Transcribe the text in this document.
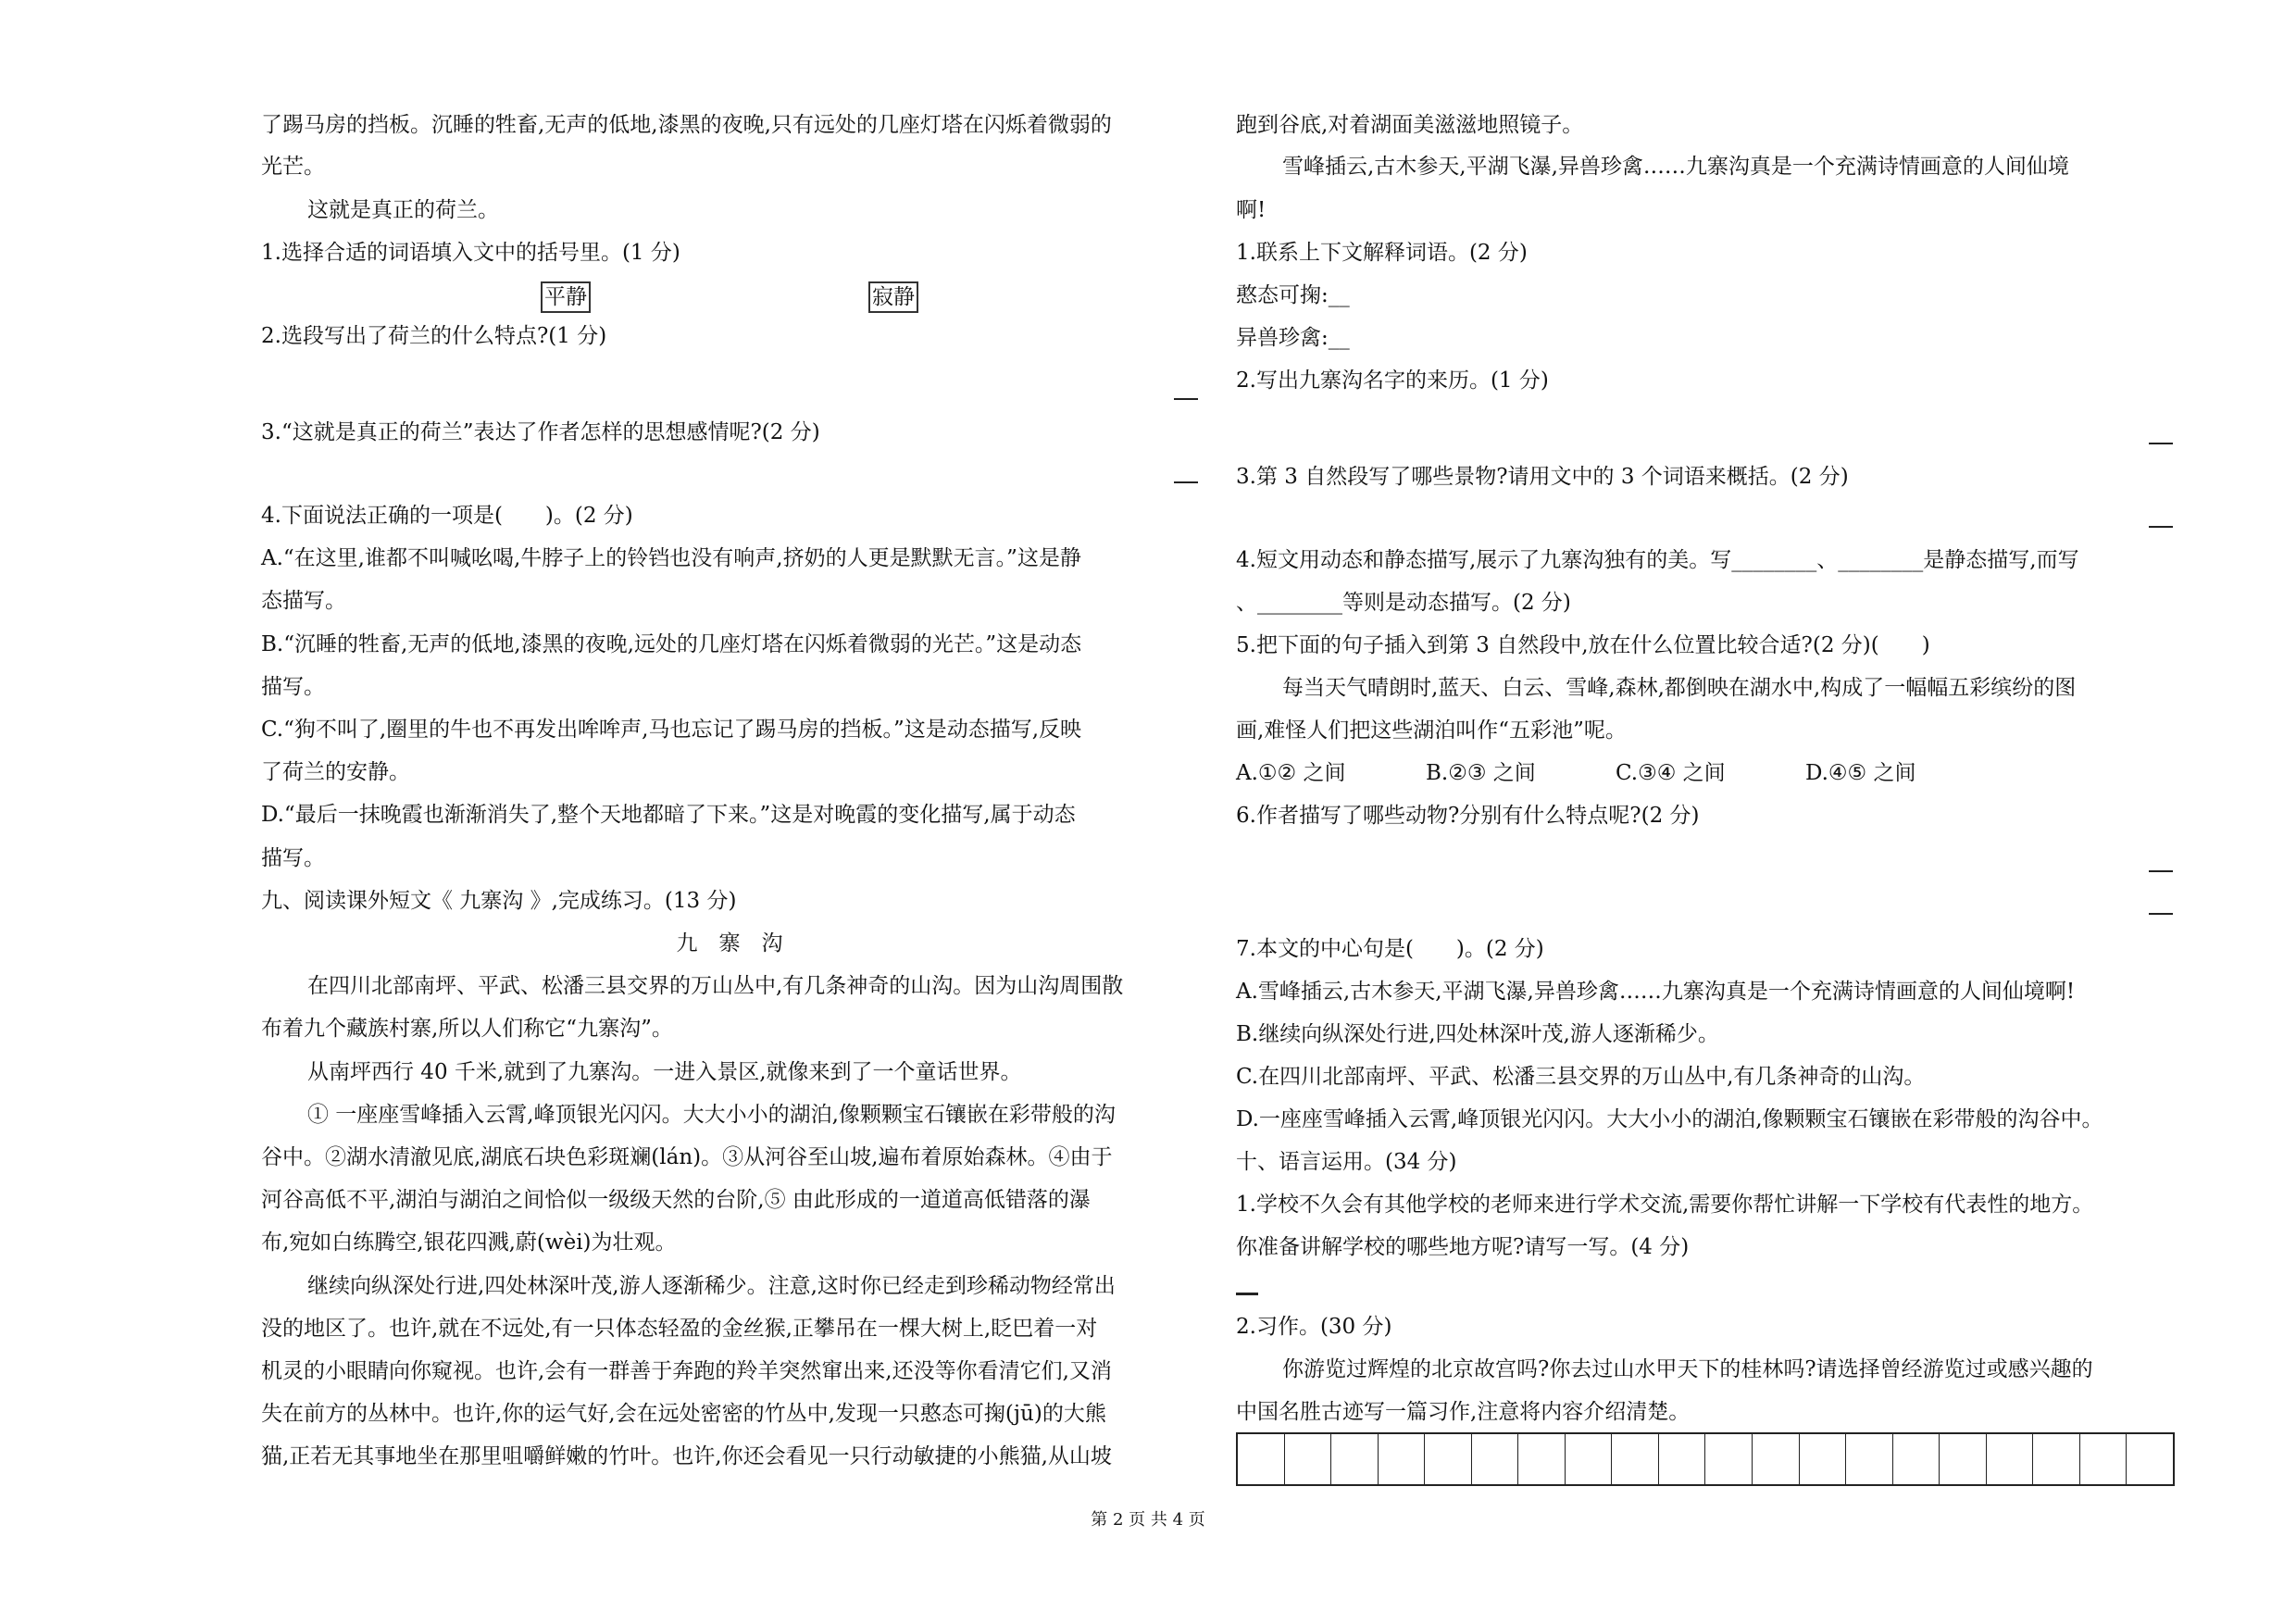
了踢马房的挡板。沉睡的牲畜,无声的低地,漆黑的夜晚,只有远处的几座灯塔在闪烁着微弱的
光芒。
这就是真正的荷兰。
1.选择合适的词语填入文中的括号里。(1 分)
平静	寂静
2.选段写出了荷兰的什么特点?(1 分)
3.“这就是真正的荷兰”表达了作者怎样的思想感情呢?(2 分)
4.下面说法正确的一项是(　　)。(2 分)
A.“在这里,谁都不叫喊吆喝,牛脖子上的铃铛也没有响声,挤奶的人更是默默无言。”这是静
态描写。
B.“沉睡的牲畜,无声的低地,漆黑的夜晚,远处的几座灯塔在闪烁着微弱的光芒。”这是动态
描写。
C.“狗不叫了,圈里的牛也不再发出哞哞声,马也忘记了踢马房的挡板。”这是动态描写,反映
了荷兰的安静。
D.“最后一抹晚霞也渐渐消失了,整个天地都暗了下来。”这是对晚霞的变化描写,属于动态
描写。
九、阅读课外短文《 九寨沟 》,完成练习。(13 分)
九　寨　沟
在四川北部南坪、平武、松潘三县交界的万山丛中,有几条神奇的山沟。因为山沟周围散
布着九个藏族村寨,所以人们称它“九寨沟”。
从南坪西行 40 千米,就到了九寨沟。一进入景区,就像来到了一个童话世界。
① 一座座雪峰插入云霄,峰顶银光闪闪。大大小小的湖泊,像颗颗宝石镶嵌在彩带般的沟
谷中。②湖水清澈见底,湖底石块色彩斑斓(lán)。③从河谷至山坡,遍布着原始森林。④由于
河谷高低不平,湖泊与湖泊之间恰似一级级天然的台阶,⑤ 由此形成的一道道高低错落的瀑
布,宛如白练腾空,银花四溅,蔚(wèi)为壮观。
继续向纵深处行进,四处林深叶茂,游人逐渐稀少。注意,这时你已经走到珍稀动物经常出
没的地区了。也许,就在不远处,有一只体态轻盈的金丝猴,正攀吊在一棵大树上,眨巴着一对
机灵的小眼睛向你窥视。也许,会有一群善于奔跑的羚羊突然窜出来,还没等你看清它们,又消
失在前方的丛林中。也许,你的运气好,会在远处密密的竹丛中,发现一只憨态可掬(jū)的大熊
猫,正若无其事地坐在那里咀嚼鲜嫩的竹叶。也许,你还会看见一只行动敏捷的小熊猫,从山坡
跑到谷底,对着湖面美滋滋地照镜子。
雪峰插云,古木参天,平湖飞瀑,异兽珍禽……九寨沟真是一个充满诗情画意的人间仙境
啊!
1.联系上下文解释词语。(2 分)
憨态可掬:__
异兽珍禽:__
2.写出九寨沟名字的来历。(1 分)
3.第 3 自然段写了哪些景物?请用文中的 3 个词语来概括。(2 分)
4.短文用动态和静态描写,展示了九寨沟独有的美。写________、________是静态描写,而写
、________等则是动态描写。(2 分)
5.把下面的句子插入到第 3 自然段中,放在什么位置比较合适?(2 分)(　　)
每当天气晴朗时,蓝天、白云、雪峰,森林,都倒映在湖水中,构成了一幅幅五彩缤纷的图
画,难怪人们把这些湖泊叫作“五彩池”呢。
A.①② 之间	B.②③ 之间	C.③④ 之间	D.④⑤ 之间
6.作者描写了哪些动物?分别有什么特点呢?(2 分)
7.本文的中心句是(　　)。(2 分)
A.雪峰插云,古木参天,平湖飞瀑,异兽珍禽……九寨沟真是一个充满诗情画意的人间仙境啊!
B.继续向纵深处行进,四处林深叶茂,游人逐渐稀少。
C.在四川北部南坪、平武、松潘三县交界的万山丛中,有几条神奇的山沟。
D.一座座雪峰插入云霄,峰顶银光闪闪。大大小小的湖泊,像颗颗宝石镶嵌在彩带般的沟谷中。
十、语言运用。(34 分)
1.学校不久会有其他学校的老师来进行学术交流,需要你帮忙讲解一下学校有代表性的地方。
你准备讲解学校的哪些地方呢?请写一写。(4 分)
2.习作。(30 分)
你游览过辉煌的北京故宫吗?你去过山水甲天下的桂林吗?请选择曾经游览过或感兴趣的
中国名胜古迹写一篇习作,注意将内容介绍清楚。
第 2 页 共 4 页
